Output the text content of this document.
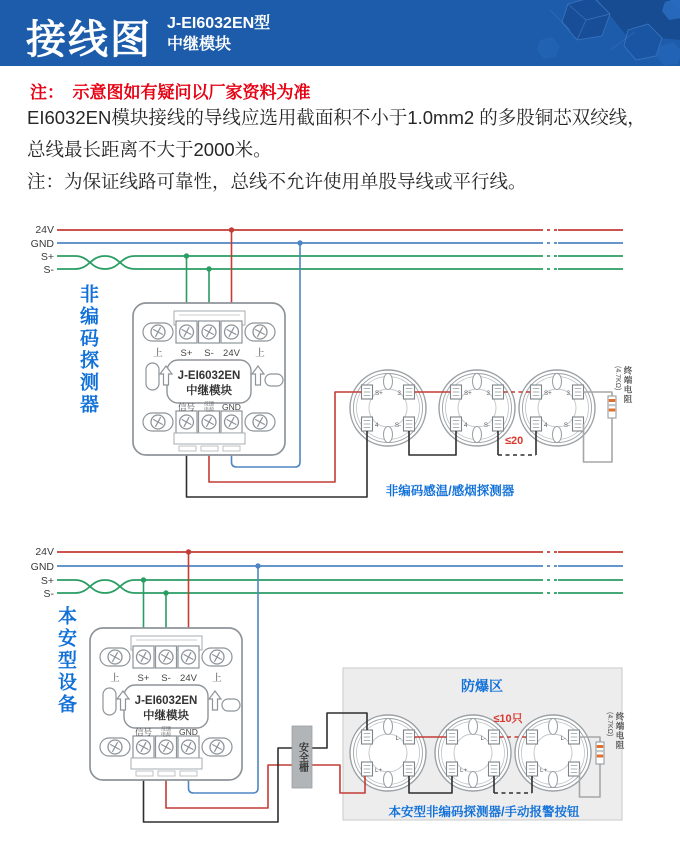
接线图 J-EI6032EN型
中继模块
注：　示意图如有疑问以厂家资料为准
EI6032EN模块接线的导线应选用截面积不小于1.0mm2 的多股铜芯双绞线，
总线最长距离不大于2000米。
注：为保证线路可靠性，总线不允许使用单股导线或平行线。
24V
GND
S+
S-
上 S+ S- 24V 上
信号 反馈
电源 GND
J-EI6032EN
中继模块	S+ 3
4	S-
S+ 3
4	S-
S+ 3
4	S-
≤20
非编码感温/感烟探测器
24V
GND
S+
S-
防爆区
上 S+ S- 24V 上
信号 反馈
电源 GND
J-EI6032EN
中继模块
L-
L+
L-
L+
L-
L+
≤10只
本安型非编码探测器/手动报警按钮
非编码探测器
本安型设备
(4.7KΩ) 终端电阻
(4.7KΩ) 终端电阻
安全栅
